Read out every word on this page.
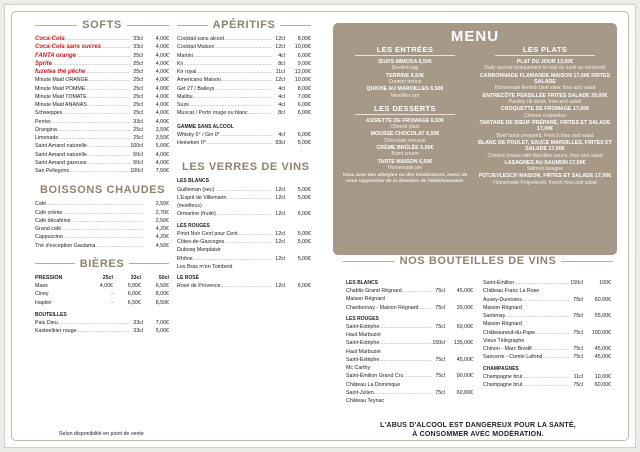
SOFTS
Coca-Cola .....	33cl	4,00€
Coca-Cola sans sucres .....	33cl	4,00€
FANTA orange .....	25cl	4,00€
Sprite .....	25cl	4,00€
fuzetea thé pêche .....	25cl	4,00€
Minute Maid ORANGE .....	25cl	4,00€
Minute Maid POMME .....	25cl	4,00€
Minute Maid TOMATE .....	25cl	4,00€
Minute Maid ANANAS .....	25cl	4,00€
Schweppes .....	25cl	4,00€
Perrier .....	33cl	4,00€
Orangina .....	25cl	3,50€
Limonade .....	25cl	3,50€
Saint Amand naturelle .....	100cl	5,00€
Saint Amand naturelle .....	50cl	4,00€
Saint Amand gazeuse .....	50cl	4,00€
San Pellegrino .....	100cl	7,50€
BOISSONS CHAUDES
Café .....	2,50€
Café crème .....	2,70€
Café décaféiné .....	2,50€
Grand café .....	4,20€
Cappuccino .....	4,20€
Thé d'exception Gautama .....	4,50€
BIÈRES
PRESSION	25cl	33cl	50cl
Maes	4,00€	5,00€	6,50€
Ciney	-	6,00€	8,00€
Hapkin	-	6,50€	8,50€
BOUTEILLES
Pais Dieu .....	33cl	7,00€
Kasteelbier rouge .....	33cl	5,00€
APÉRITIFS
Cocktail sans alcool .....	12cl	8,00€
Cocktail Maison .....	12cl	10,00€
Martini .....	4cl	6,00€
Kir .....	8cl	9,00€
Kir royal .....	11cl	12,00€
Americano Maison .....	12cl	10,00€
Get 27 / Baileys .....	4cl	8,00€
Malibu .....	4cl	7,00€
Suze .....	4cl	6,00€
Muscat / Porto rouge ou blanc .....	8cl	6,00€
GAMME SANS ALCOOL
Whisky 0° / Gin 0° .....	4cl	6,00€
Heineken 0° .....	33cl	5,00€
LES VERRES DE VINS
LES BLANCS
Guilleman (sec) .....	12cl	5,00€
L'Esprit de Villemarin .....	12cl	5,00€
(moelleux)
Ormarine (fruité) .....	12cl	6,00€
LES ROUGES
Pinot Noir Cent pour Cent .....	12cl	5,00€
Côtes-de-Gascogne .....	12cl	5,00€
Dubosq Monplaisir
Rhône .....	12cl	5,00€
Les Bras m'en Tombent
LE ROSÉ
Rosé de Provence .....	12cl	6,00€
Selon disponibilité en point de vente
MENU
LES ENTRÉES
ŒUFS MIMOSA 6,50€
Deviled egg
TERRINE 6,50€
Country terrine
QUICHE AU MAROILLES 6,50€
Maroilles tart
LES DESSERTS
ASSIETTE DE FROMAGE 6,50€
Cheese plate
MOUSSE CHOCOLAT 6,50€
Chocolate mousse
CRÈME BRÛLÉE 6,50€
Burnt cream
TARTE MAISON 6,50€
Homemade pie
Vous avez des allergies ou des intolérances, merci de vous rapprocher de la direction de l'établissement.
LES PLATS
PLAT DU JOUR 13,50€
Daily special (uniquement le midi du lundi au vendredi)
CARBONNADE FLAMANDE MAISON 17,00€ FRITES SALADE
Homemade flemish beef stew, fries and salad
ENTRECÔTE PERSILLÉE FRITES SALADE 20,00€
Parsley rib steak, fries and salad
CROQUETTE DE FROMAGE 17,00€
Cheese croquettes
TARTARE DE BŒUF PRÉPARÉ, FRITES ET SALADE 17,00€
Beef tartar prepared, French fries and salad
BLANC DE POULET, SAUCE MAROILLES, FRITES ET SALADE 17,00€
Chicken breast with Maroilles sauce, fries and salad
LASAGNES AU SAUMON 17,00€
Salmon lasagne
POTJEVLESCH MAISON, FRITES ET SALADE 17,00€
Homemade Potjevlesch, french fries and salad
NOS BOUTEILLES DE VINS
LES BLANCS
Chablis Grand Régnard .....	75cl	45,00€
Maison Régnard
Chardonnay - Maison Régnard .....	75cl	39,00€
LES ROUGES
Saint-Estèphe .....	75cl	69,00€
Haut Marbuzet
Saint-Estèphe .....	150cl	135,00€
Haut Marbuzet
Saint-Estèphe .....	75cl	45,00€
Mc Carthy
Saint-Émilion Grand Cru .....	75cl	90,00€
Château La Dominique
Saint-Julien .....	75cl	60,00€
Château Teynac
Saint-Émilion .....	150cl	100€
Château Franc La Rose
Auxey-Duresses .....	75cl	60,00€
Maison Régnard
Santenay .....	75cl	55,00€
Maison Régnard
Châteauneuf-du-Pape .....	75cl	100,00€
Vieux Télégraphe
Chinon - Marc Brédif .....	75cl	45,00€
Sancerre - Comte Lafond .....	75cl	45,00€
CHAMPAGNES
Champagne brut .....	11cl	10,00€
Champagne brut .....	75cl	60,00€
L'ABUS D'ALCOOL EST DANGEREUX POUR LA SANTÉ,
À CONSOMMER AVEC MODÉRATION.
